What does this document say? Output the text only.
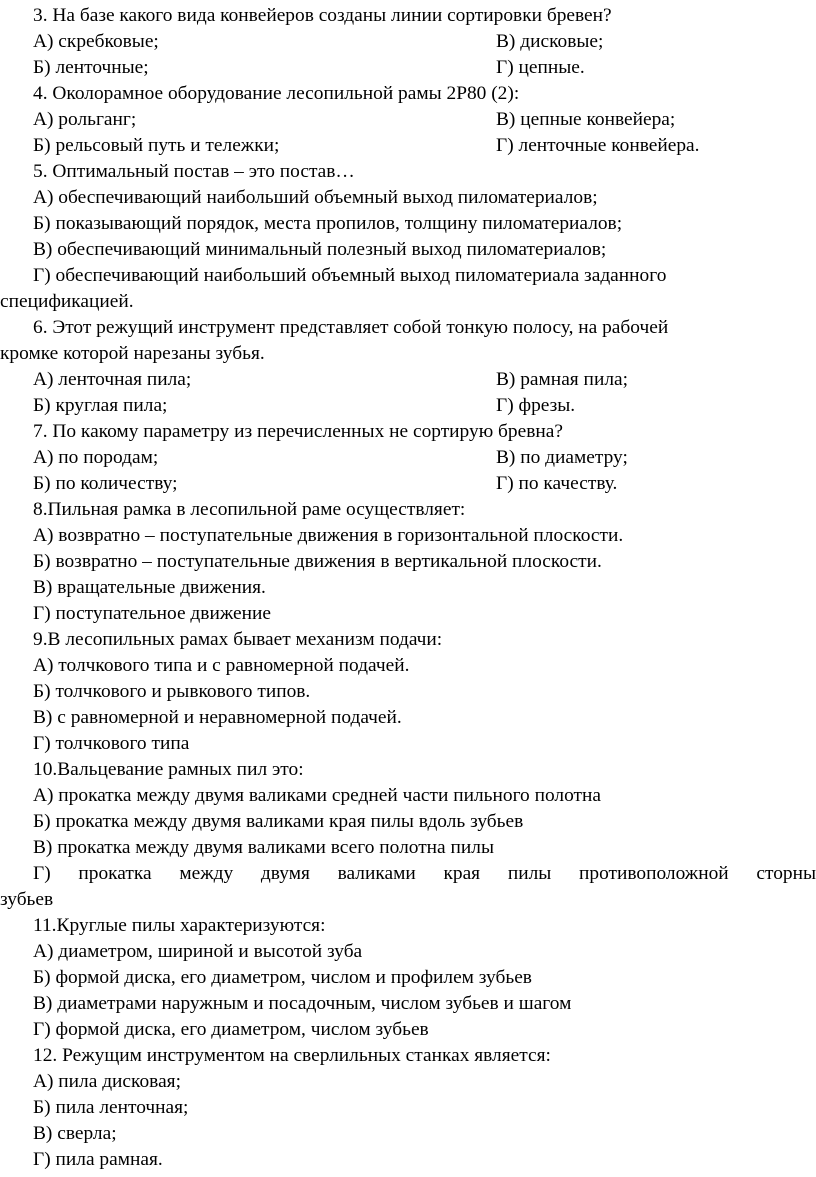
3. На базе какого вида конвейеров созданы линии сортировки бревен?
А) скребковые;	В) дисковые;
Б) ленточные;	Г) цепные.
4. Околорамное оборудование лесопильной рамы 2Р80 (2):
А) рольганг;	В) цепные конвейера;
Б) рельсовый путь и тележки;	Г) ленточные конвейера.
5. Оптимальный постав – это постав…
А) обеспечивающий наибольший объемный выход пиломатериалов;
Б) показывающий порядок, места пропилов, толщину пиломатериалов;
В) обеспечивающий минимальный полезный выход пиломатериалов;
Г) обеспечивающий наибольший объемный выход пиломатериала заданного
спецификацией.
6. Этот режущий инструмент представляет собой тонкую полосу, на рабочей
кромке которой нарезаны зубья.
А) ленточная пила;	В) рамная пила;
Б) круглая пила;	Г) фрезы.
7. По какому параметру из перечисленных не сортирую бревна?
А) по породам;	В) по диаметру;
Б) по количеству;	Г) по качеству.
8.Пильная рамка в лесопильной раме осуществляет:
А) возвратно – поступательные движения в горизонтальной плоскости.
Б) возвратно – поступательные движения в вертикальной плоскости.
В) вращательные движения.
Г) поступательное движение
9.В лесопильных рамах бывает механизм подачи:
А) толчкового типа и с равномерной подачей.
Б) толчкового и рывкового типов.
В) с равномерной и неравномерной подачей.
Г) толчкового типа
10.Вальцевание рамных пил это:
А) прокатка между двумя валиками средней части пильного полотна
Б) прокатка между двумя валиками края пилы вдоль зубьев
В) прокатка между двумя валиками всего полотна пилы
Г) прокатка между двумя валиками края пилы противоположной сторны
зубьев
11.Круглые пилы характеризуются:
А) диаметром, шириной и высотой зуба
Б) формой диска, его диаметром, числом и профилем зубьев
В) диаметрами наружным и посадочным, числом зубьев и шагом
Г) формой диска, его диаметром, числом зубьев
12. Режущим инструментом на сверлильных станках является:
А) пила дисковая;
Б) пила ленточная;
В) сверла;
Г) пила рамная.
